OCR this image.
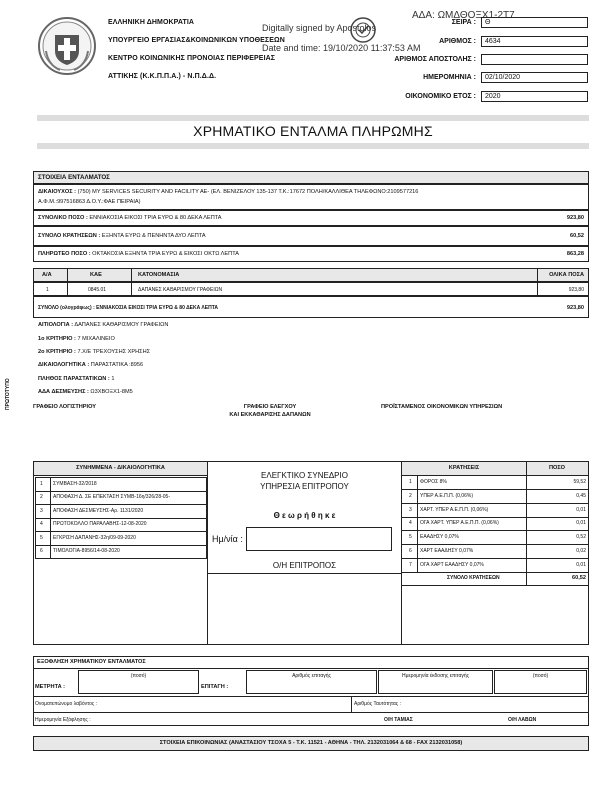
ΕΛΛΗΝΙΚΗ ΔΗΜΟΚΡΑΤΙΑ
ΥΠΟΥΡΓΕΙΟ ΕΡΓΑΣΙΑΣ&ΚΟΙΝΩΝΙΚΩΝ ΥΠΟΘΕΣΕΩΝ
ΚΕΝΤΡΟ ΚΟΙΝΩΝΙΚΗΣ ΠΡΟΝΟΙΑΣ ΠΕΡΙΦΕΡΕΙΑΣ
ΑΤΤΙΚΗΣ (Κ.Κ.Π.Π.Α.) - Ν.Π.Δ.Δ.
ΑΔΑ: ΩΜΔΘΟΞΧ1-2Τ7
Digitally signed by Apostolos
Date and time: 19/10/2020 11:37:53 AM
ΣΕΙΡΑ :	Θ
ΑΡΙΘΜΟΣ :	4634
ΑΡΙΘΜΟΣ ΑΠΟΣΤΟΛΗΣ :
ΗΜΕΡΟΜΗΝΙΑ :	02/10/2020
ΟΙΚΟΝΟΜΙΚΟ ΕΤΟΣ :	2020
ΧΡΗΜΑΤΙΚΟ ΕΝΤΑΛΜΑ ΠΛΗΡΩΜΗΣ
ΣΤΟΙΧΕΙΑ ΕΝΤΑΛΜΑΤΟΣ
ΔΙΚΑΙΟΥΧΟΣ : (750) MY SERVICES SECURITY AND FACILITY AE- (ΕΛ. ΒΕΝΙΖΕΛΟΥ 135-137 Τ.Κ.:17672 ΠΟΛΗ/ΚΑΛΛΙΘΕΑ ΤΗΛΕΦΩΝΟ:2109577216
Α.Φ.Μ.:997516863 Δ.Ο.Υ.:ΦΑΕ ΠΕΙΡΑΙΑ)
ΣΥΝΟΛΙΚΟ ΠΟΣΟ : ΕΝΝΙΑΚΟΣΙΑ ΕΙΚΟΣΙ ΤΡΙΑ ΕΥΡΩ & 80 ΔΕΚΑ ΛΕΠΤΑ	923,80
ΣΥΝΟΛΟ ΚΡΑΤΗΣΕΩΝ : ΕΞΗΝΤΑ ΕΥΡΩ & ΠΕΝΗΝΤΑ ΔΥΟ ΛΕΠΤΑ	60,52
ΠΛΗΡΩΤΕΟ ΠΟΣΟ : ΟΚΤΑΚΟΣΙΑ ΕΞΗΝΤΑ ΤΡΙΑ ΕΥΡΩ & ΕΙΚΟΣΙ ΟΚΤΩ ΛΕΠΤΑ	863,28
Α/Α	ΚΑΕ	ΚΑΤΟΝΟΜΑΣΙΑ	ΟΛΙΚΑ ΠΟΣΑ
1	0845.01	ΔΑΠΑΝΕΣ ΚΑΘΑΡΙΣΜΟΥ ΓΡΑΦΕΙΩΝ	923,80
ΣΥΝΟΛΟ (ολογράφως) : ΕΝΝΙΑΚΟΣΙΑ ΕΙΚΟΣΙ ΤΡΙΑ ΕΥΡΩ & 80 ΔΕΚΑ ΛΕΠΤΑ	923,80
ΑΙΤΙΟΛΟΓΙΑ : ΔΑΠΑΝΕΣ ΚΑΘΑΡΙΣΜΟΥ ΓΡΑΦΕΙΩΝ
1ο ΚΡΙΤΗΡΙΟ : 7 ΜΙΧΑΛΙΝΕΙΟ
2ο ΚΡΙΤΗΡΙΟ : 7.Χ/Ε ΤΡΕΧΟΥΣΗΣ ΧΡΗΣΗΣ
ΔΙΚΑΙΟΛΟΓΗΤΙΚΑ : ΠΑΡΑΣΤΑΤΙΚΑ :8956
ΠΛΗΘΟΣ ΠΑΡΑΣΤΑΤΙΚΩΝ : 1
ΑΔΑ ΔΕΣΜΕΥΣΗΣ : Ω3ΧΒΟΞΧ1-8Μ5
ΠΡΩΤΟΤΥΠΟ	ΓΡΑΦΕΙΟ ΛΟΓΙΣΤΗΡΙΟΥ	ΓΡΑΦΕΙΟ ΕΛΕΓΧΟΥ
ΚΑΙ ΕΚΚΑΘΑΡΙΣΗΣ ΔΑΠΑΝΩΝ
ΠΡΟΪΣΤΑΜΕΝΟΣ ΟΙΚΟΝΟΜΙΚΩΝ ΥΠΗΡΕΣΙΩΝ
ΣΥΝΗΜΜΕΝΑ - ΔΙΚΑΙΟΛΟΓΗΤΙΚΑ
1 ΣΥΜΒΑΣΗ-32/2018
2 ΑΠΟΦΑΣΗ Δ. ΣΕ ΕΠΕΚΤΑΣΗ ΣΥΜΒ-16η/326/28-05-
3 ΑΠΟΦΑΣΗ ΔΕΣΜΕΥΣΗΣ-Αρ. 1131/2020
4 ΠΡΩΤΟΚΟΛΛΟ ΠΑΡΑΛΑΒΗΣ-12-08-2020
5 ΕΓΚΡΙΣΗ ΔΑΠΑΝΗΣ-32η/09-09-2020
6 ΤΙΜΟΛΟΓΙΑ-8956/14-08-2020
ΕΛΕΓΚΤΙΚΟ ΣΥΝΕΔΡΙΟ
ΥΠΗΡΕΣΙΑ ΕΠΙΤΡΟΠΟΥ
Θ ε ω ρ ή θ η κ ε
Ημ/νία :
Ο/Η ΕΠΙΤΡΟΠΟΣ
ΚΡΑΤΗΣΕΙΣ	ΠΟΣΟ
1 ΦΟΡΟΣ 8%	59,52
2 ΥΠΕΡ Α.Ε.Π.Π. (0,06%)	0,45
3 ΧΑΡΤ. ΥΠΕΡ Α.Ε.Π.Π. (0,06%)	0,01
4 ΟΓΑ ΧΑΡΤ. ΥΠΕΡ Α.Ε.Π.Π. (0,06%)	0,01
5 ΕΑΑΔΗΣΥ 0,07%	0,52
6 ΧΑΡΤ ΕΑΑΔΗΣΥ 0,07%	0,02
7 ΟΓΑ ΧΑΡΤ ΕΑΑΔΗΣΥ 0,07%	0,01
ΣΥΝΟΛΟ ΚΡΑΤΗΣΕΩΝ	60,52
ΕΞΟΦΛΗΣΗ ΧΡΗΜΑΤΙΚΟΥ ΕΝΤΑΛΜΑΤΟΣ
ΜΕΤΡΗΤΑ :
(ποσό)
ΕΠΙΤΑΓΗ :
Αριθμός επιταγής	Ημερομηνία έκδοσης επιταγής	(ποσό)
Ονοματεπώνυμο λαβόντος :	Αριθμός Ταυτότητας :
Ημερομηνία Εξόφλησης :	Ο/Η ΤΑΜΙΑΣ	Ο/Η ΛΑΒΩΝ
ΣΤΟΙΧΕΙΑ ΕΠΙΚΟΙΝΩΝΙΑΣ (ΑΝΑΣΤΑΣΙΟΥ ΤΣΟΧΑ 5 - Τ.Κ. 11521 - ΑΘΗΝΑ - ΤΗΛ. 2132031064 & 68 - FAX 2132031058)
